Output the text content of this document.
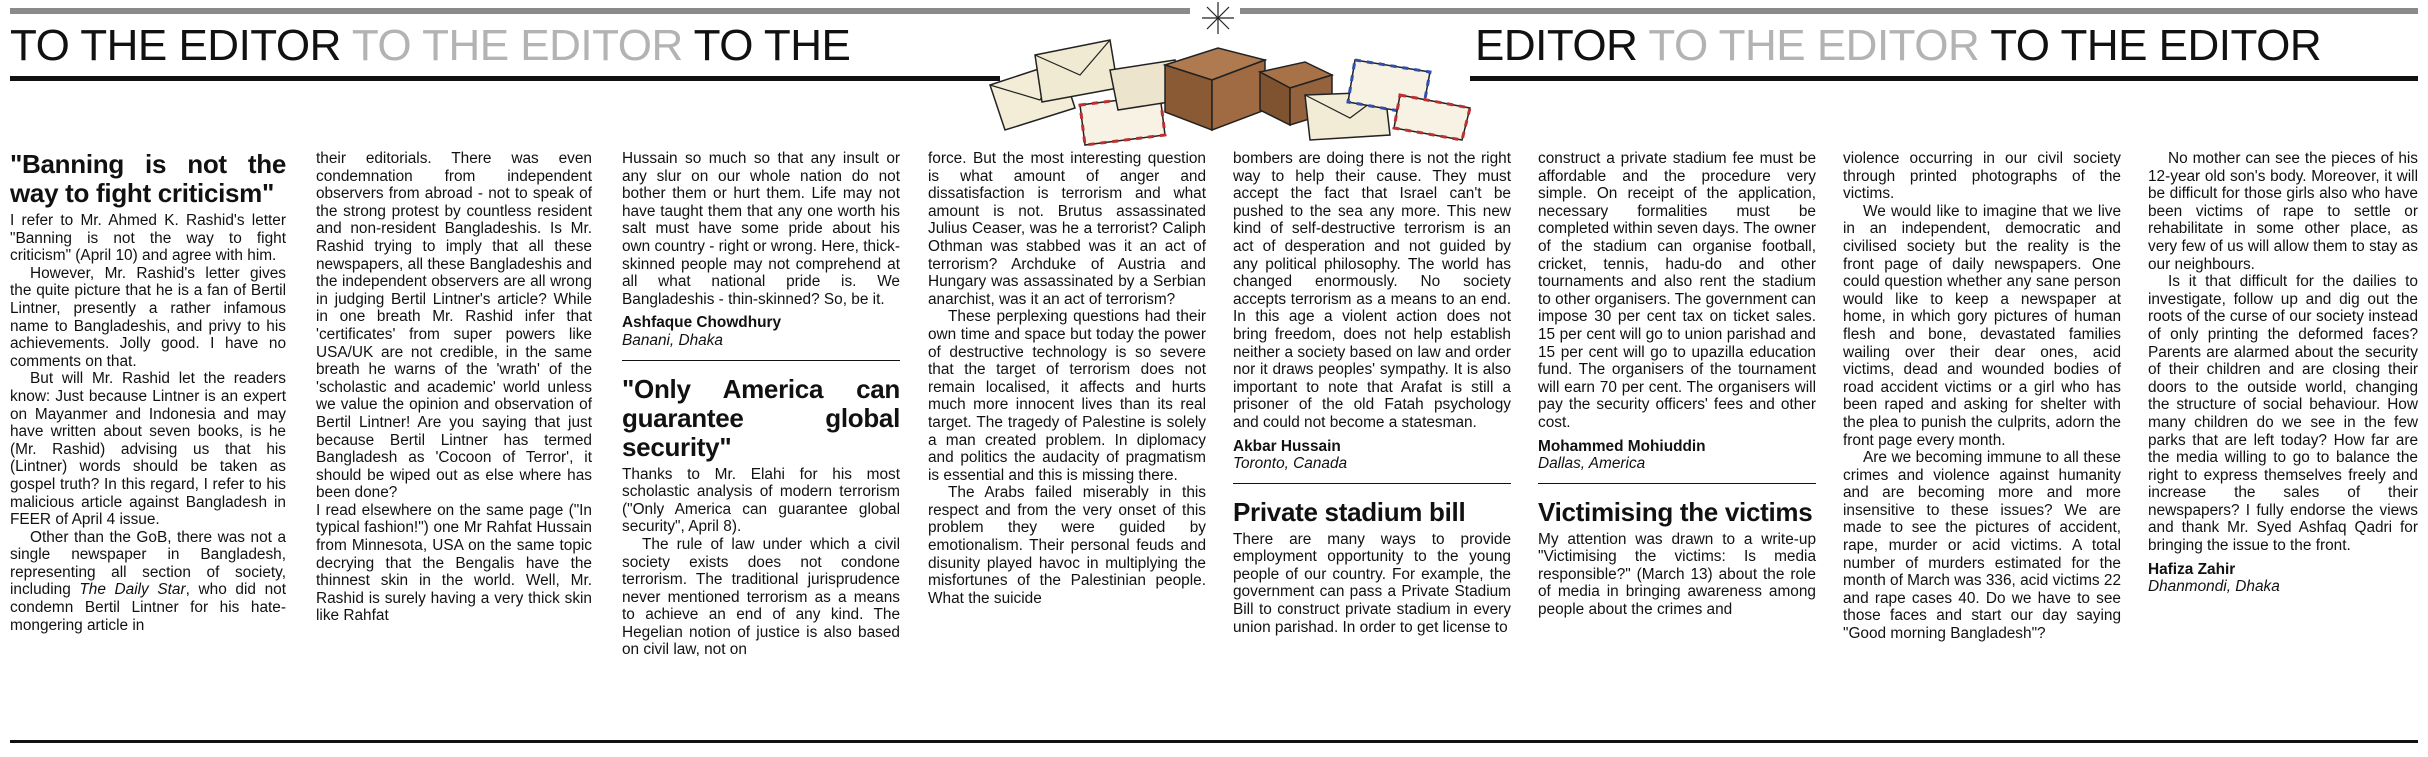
TO THE EDITOR TO THE EDITOR TO THE	EDITOR TO THE EDITOR TO THE EDITOR
"Banning is not the way to fight criticism"

I refer to Mr. Ahmed K. Rashid's letter "Banning is not the way to fight criticism" (April 10) and agree with him.

However, Mr. Rashid's letter gives the quite picture that he is a fan of Bertil Lintner, presently a rather infamous name to Bangladeshis, and privy to his achievements. Jolly good. I have no comments on that.

But will Mr. Rashid let the readers know: Just because Lintner is an expert on Mayanmer and Indonesia and may have written about seven books, is he (Mr. Rashid) advising us that his (Lintner) words should be taken as gospel truth? In this regard, I refer to his malicious article against Bangladesh in FEER of April 4 issue.

Other than the GoB, there was not a single newspaper in Bangladesh, representing all section of society, including The Daily Star, who did not condemn Bertil Lintner for his hate-mongering article in

their editorials. There was even condemnation from independent observers from abroad - not to speak of the strong protest by countless resident and non-resident Bangladeshis. Is Mr. Rashid trying to imply that all these newspapers, all these Bangladeshis and the independent observers are all wrong in judging Bertil Lintner's article? While in one breath Mr. Rashid infer that 'certificates' from super powers like USA/UK are not credible, in the same breath he warns of the 'wrath' of the 'scholastic and academic' world unless we value the opinion and observation of Bertil Lintner! Are you saying that just because Bertil Lintner has termed Bangladesh as 'Cocoon of Terror', it should be wiped out as else where has been done?

I read elsewhere on the same page ("In typical fashion!") one Mr Rahfat Hussain from Minnesota, USA on the same topic decrying that the Bengalis have the thinnest skin in the world. Well, Mr. Rashid is surely having a very thick skin like Rahfat

Hussain so much so that any insult or any slur on our whole nation do not bother them or hurt them. Life may not have taught them that any one worth his salt must have some pride about his own country - right or wrong. Here, thick-skinned people may not comprehend at all what national pride is. We Bangladeshis - thin-skinned? So, be it.

Ashfaque Chowdhury
Banani, Dhaka
"Only America can guarantee global security"

Thanks to Mr. Elahi for his most scholastic analysis of modern terrorism ("Only America can guarantee global security", April 8).

The rule of law under which a civil society exists does not condone terrorism. The traditional jurisprudence never mentioned terrorism as a means to achieve an end of any kind. The Hegelian notion of justice is also based on civil law, not on

force. But the most interesting question is what amount of anger and dissatisfaction is terrorism and what amount is not. Brutus assassinated Julius Ceaser, was he a terrorist? Caliph Othman was stabbed was it an act of terrorism? Archduke of Austria and Hungary was assassinated by a Serbian anarchist, was it an act of terrorism?

These perplexing questions had their own time and space but today the power of destructive technology is so severe that the target of terrorism does not remain localised, it affects and hurts much more innocent lives than its real target. The tragedy of Palestine is solely a man created problem. In diplomacy and politics the audacity of pragmatism is essential and this is missing there.

The Arabs failed miserably in this respect and from the very onset of this problem they were guided by emotionalism. Their personal feuds and disunity played havoc in multiplying the misfortunes of the Palestinian people. What the suicide

bombers are doing there is not the right way to help their cause. They must accept the fact that Israel can't be pushed to the sea any more. This new kind of self-destructive terrorism is an act of desperation and not guided by any political philosophy. The world has changed enormously. No society accepts terrorism as a means to an end. In this age a violent action does not bring freedom, does not help establish neither a society based on law and order nor it draws peoples' sympathy. It is also important to note that Arafat is still a prisoner of the old Fatah psychology and could not become a statesman.

Akbar Hussain
Toronto, Canada
Private stadium bill

There are many ways to provide employment opportunity to the young people of our country. For example, the government can pass a Private Stadium Bill to construct private stadium in every union parishad. In order to get license to

construct a private stadium fee must be affordable and the procedure very simple. On receipt of the application, necessary formalities must be completed within seven days. The owner of the stadium can organise football, cricket, tennis, hadu-do and other tournaments and also rent the stadium to other organisers. The government can impose 30 per cent tax on ticket sales. 15 per cent will go to union parishad and 15 per cent will go to upazilla education fund. The organisers of the tournament will earn 70 per cent. The organisers will pay the security officers' fees and other cost.

Mohammed Mohiuddin
Dallas, America
Victimising the victims

My attention was drawn to a write-up "Victimising the victims: Is media responsible?" (March 13) about the role of media in bringing awareness among people about the crimes and

violence occurring in our civil society through printed photographs of the victims.

We would like to imagine that we live in an independent, democratic and civilised society but the reality is the front page of daily newspapers. One could question whether any sane person would like to keep a newspaper at home, in which gory pictures of human flesh and bone, devastated families wailing over their dear ones, acid victims, dead and wounded bodies of road accident victims or a girl who has been raped and asking for shelter with the plea to punish the culprits, adorn the front page every month.

Are we becoming immune to all these crimes and violence against humanity and are becoming more and more insensitive to these issues? We are made to see the pictures of accident, rape, murder or acid victims. A total number of murders estimated for the month of March was 336, acid victims 22 and rape cases 40. Do we have to see those faces and start our day saying "Good morning Bangladesh"?

No mother can see the pieces of his 12-year old son's body. Moreover, it will be difficult for those girls also who have been victims of rape to settle or rehabilitate in some other place, as very few of us will allow them to stay as our neighbours.

Is it that difficult for the dailies to investigate, follow up and dig out the roots of the curse of our society instead of only printing the deformed faces? Parents are alarmed about the security of their children and are closing their doors to the outside world, changing the structure of social behaviour. How many children do we see in the few parks that are left today? How far are the media willing to go to balance the right to express themselves freely and increase the sales of their newspapers? I fully endorse the views and thank Mr. Syed Ashfaq Qadri for bringing the issue to the front.

Hafiza Zahir
Dhanmondi, Dhaka
